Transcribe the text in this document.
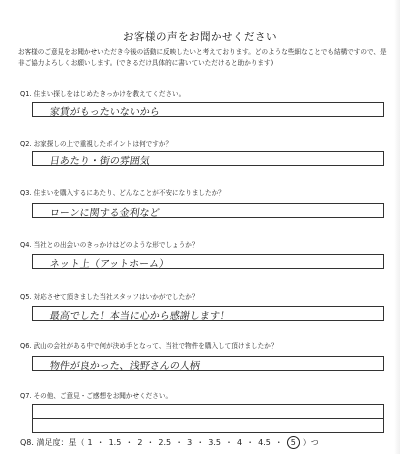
お客様の声をお聞かせください
お客様のご意見をお聞かせいただき今後の活動に反映したいと考えております。どのような些細なことでも結構ですので、是非ご協力よろしくお願いします。(できるだけ具体的に書いていただけると助かります)
Q1. 住まい探しをはじめたきっかけを教えてください。
家賃がもったいないから
Q2. お家探しの上で重視したポイントは何ですか？
日あたり・街の雰囲気
Q3. 住まいを購入するにあたり、どんなことが不安になりましたか？
ローンに関する金利など
Q4. 当社との出会いのきっかけはどのような形でしょうか？
ネット上（アットホーム）
Q5. 対応させて頂きました当社スタッフはいかがでしたか？
最高でした！本当に心から感謝します！
Q6. 武山の会社がある中で何が決め手となって、当社で物件を購入して頂けましたか？
物件が良かった、浅野さんの人柄
Q7. その他、ご意見・ご感想をお聞かせください。
Q8. 満足度：星（ 1 ・ 1.5 ・ 2 ・ 2.5 ・ 3 ・ 3.5 ・ 4 ・ 4.5 ・ 5 ）つ
